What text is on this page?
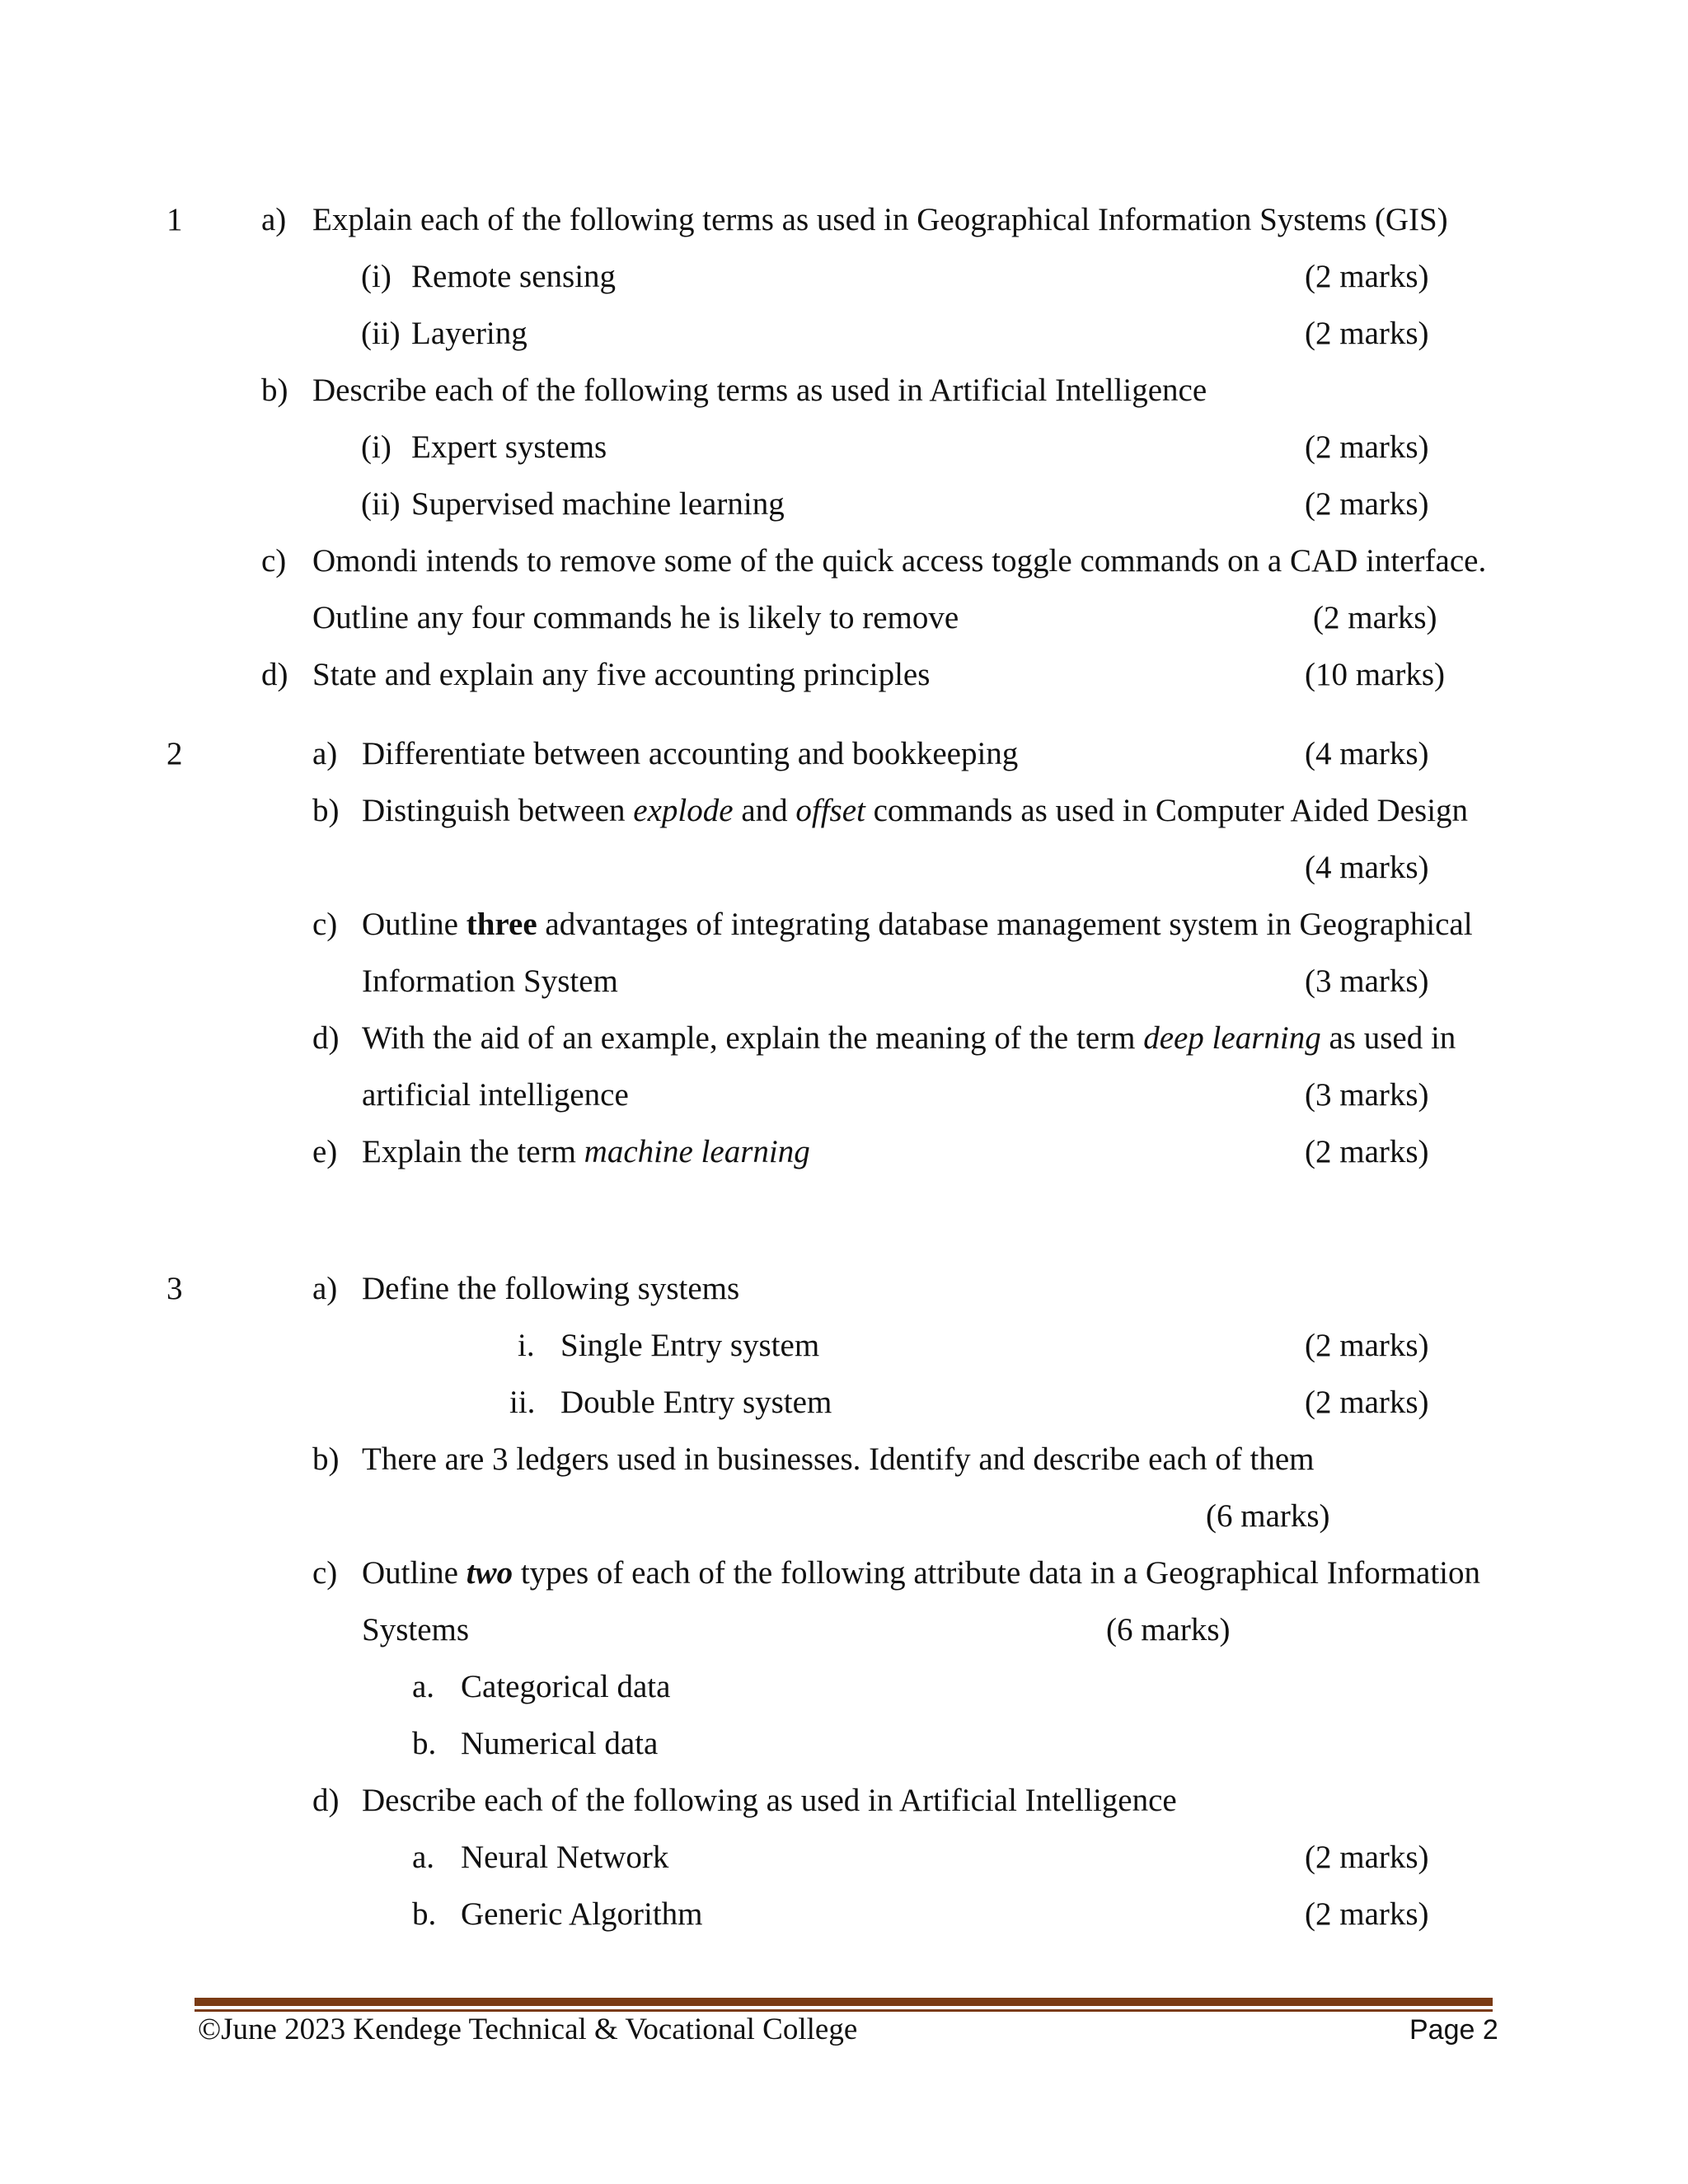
1 a) Explain each of the following terms as used in Geographical Information Systems (GIS)
(i) Remote sensing	(2 marks)
(ii) Layering	(2 marks)
b) Describe each of the following terms as used in Artificial Intelligence
(i) Expert systems	(2 marks)
(ii) Supervised machine learning	(2 marks)
c) Omondi intends to remove some of the quick access toggle commands on a CAD interface.
Outline any four commands he is likely to remove	(2 marks)
d) State and explain any five accounting principles	(10 marks)
2	a) Differentiate between accounting and bookkeeping	(4 marks)
b) Distinguish between explode and offset commands as used in Computer Aided Design
(4 marks)
c) Outline three advantages of integrating database management system in Geographical
Information System	(3 marks)
d) With the aid of an example, explain the meaning of the term deep learning as used in
artificial intelligence	(3 marks)
e) Explain the term machine learning	(2 marks)
3	a) Define the following systems
i. Single Entry system	(2 marks)
ii. Double Entry system	(2 marks)
b) There are 3 ledgers used in businesses. Identify and describe each of them
(6 marks)
c) Outline two types of each of the following attribute data in a Geographical Information
Systems	(6 marks)
a. Categorical data
b. Numerical data
d) Describe each of the following as used in Artificial Intelligence
a. Neural Network	(2 marks)
b. Generic Algorithm	(2 marks)
©June 2023 Kendege Technical & Vocational College	Page 2
